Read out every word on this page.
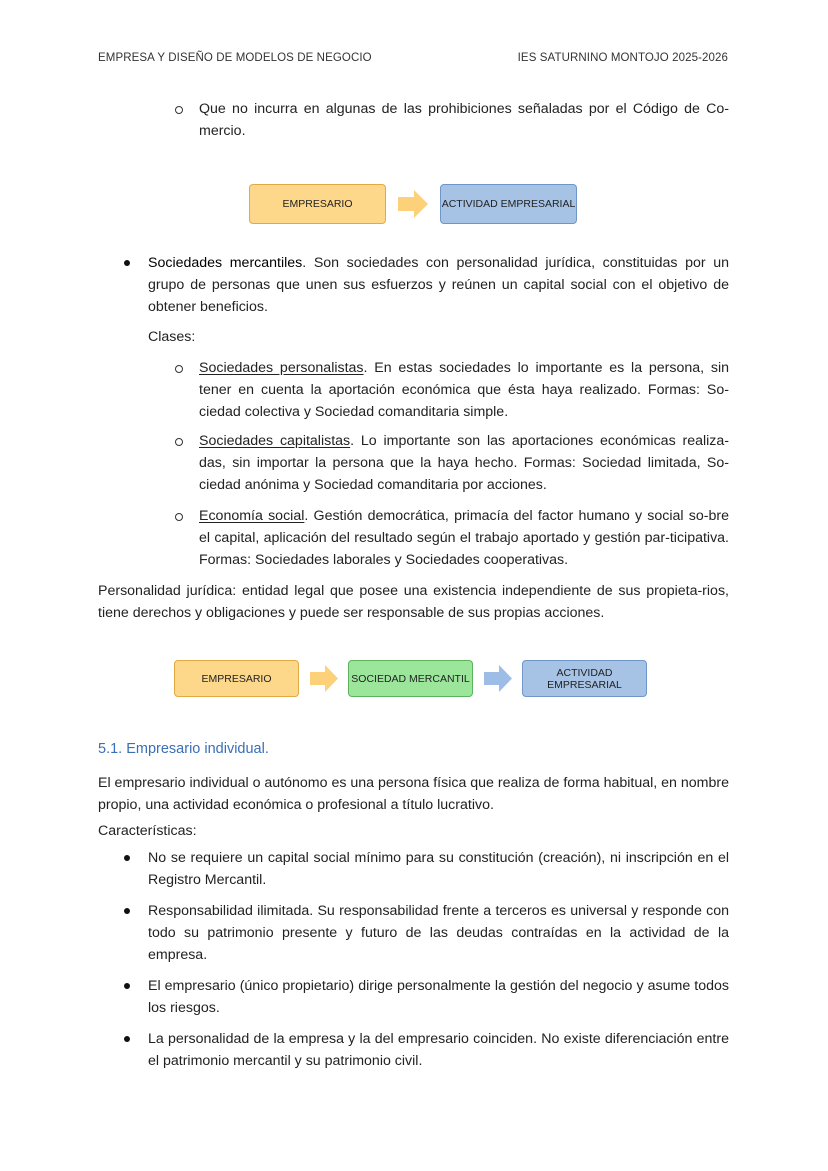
EMPRESA Y DISEÑO DE MODELOS DE NEGOCIO	IES SATURNINO MONTOJO 2025-2026
Que no incurra en algunas de las prohibiciones señaladas por el Código de Co-mercio.
EMPRESARIO	ACTIVIDAD EMPRESARIAL
Sociedades mercantiles. Son sociedades con personalidad jurídica, constituidas por un grupo de personas que unen sus esfuerzos y reúnen un capital social con el objetivo de obtener beneficios.
Clases:
Sociedades personalistas. En estas sociedades lo importante es la persona, sin tener en cuenta la aportación económica que ésta haya realizado. Formas: So-ciedad colectiva y Sociedad comanditaria simple.
Sociedades capitalistas. Lo importante son las aportaciones económicas realiza-das, sin importar la persona que la haya hecho. Formas: Sociedad limitada, So-ciedad anónima y Sociedad comanditaria por acciones.
Economía social. Gestión democrática, primacía del factor humano y social so-bre el capital, aplicación del resultado según el trabajo aportado y gestión par-ticipativa. Formas: Sociedades laborales y Sociedades cooperativas.
Personalidad jurídica: entidad legal que posee una existencia independiente de sus propieta-rios, tiene derechos y obligaciones y puede ser responsable de sus propias acciones.
EMPRESARIO	SOCIEDAD MERCANTIL	ACTIVIDAD EMPRESARIAL
5.1. Empresario individual.
El empresario individual o autónomo es una persona física que realiza de forma habitual, en nombre propio, una actividad económica o profesional a título lucrativo.
Características:
No se requiere un capital social mínimo para su constitución (creación), ni inscripción en el Registro Mercantil.
Responsabilidad ilimitada. Su responsabilidad frente a terceros es universal y responde con todo su patrimonio presente y futuro de las deudas contraídas en la actividad de la empresa.
El empresario (único propietario) dirige personalmente la gestión del negocio y asume todos los riesgos.
La personalidad de la empresa y la del empresario coinciden. No existe diferenciación entre el patrimonio mercantil y su patrimonio civil.
